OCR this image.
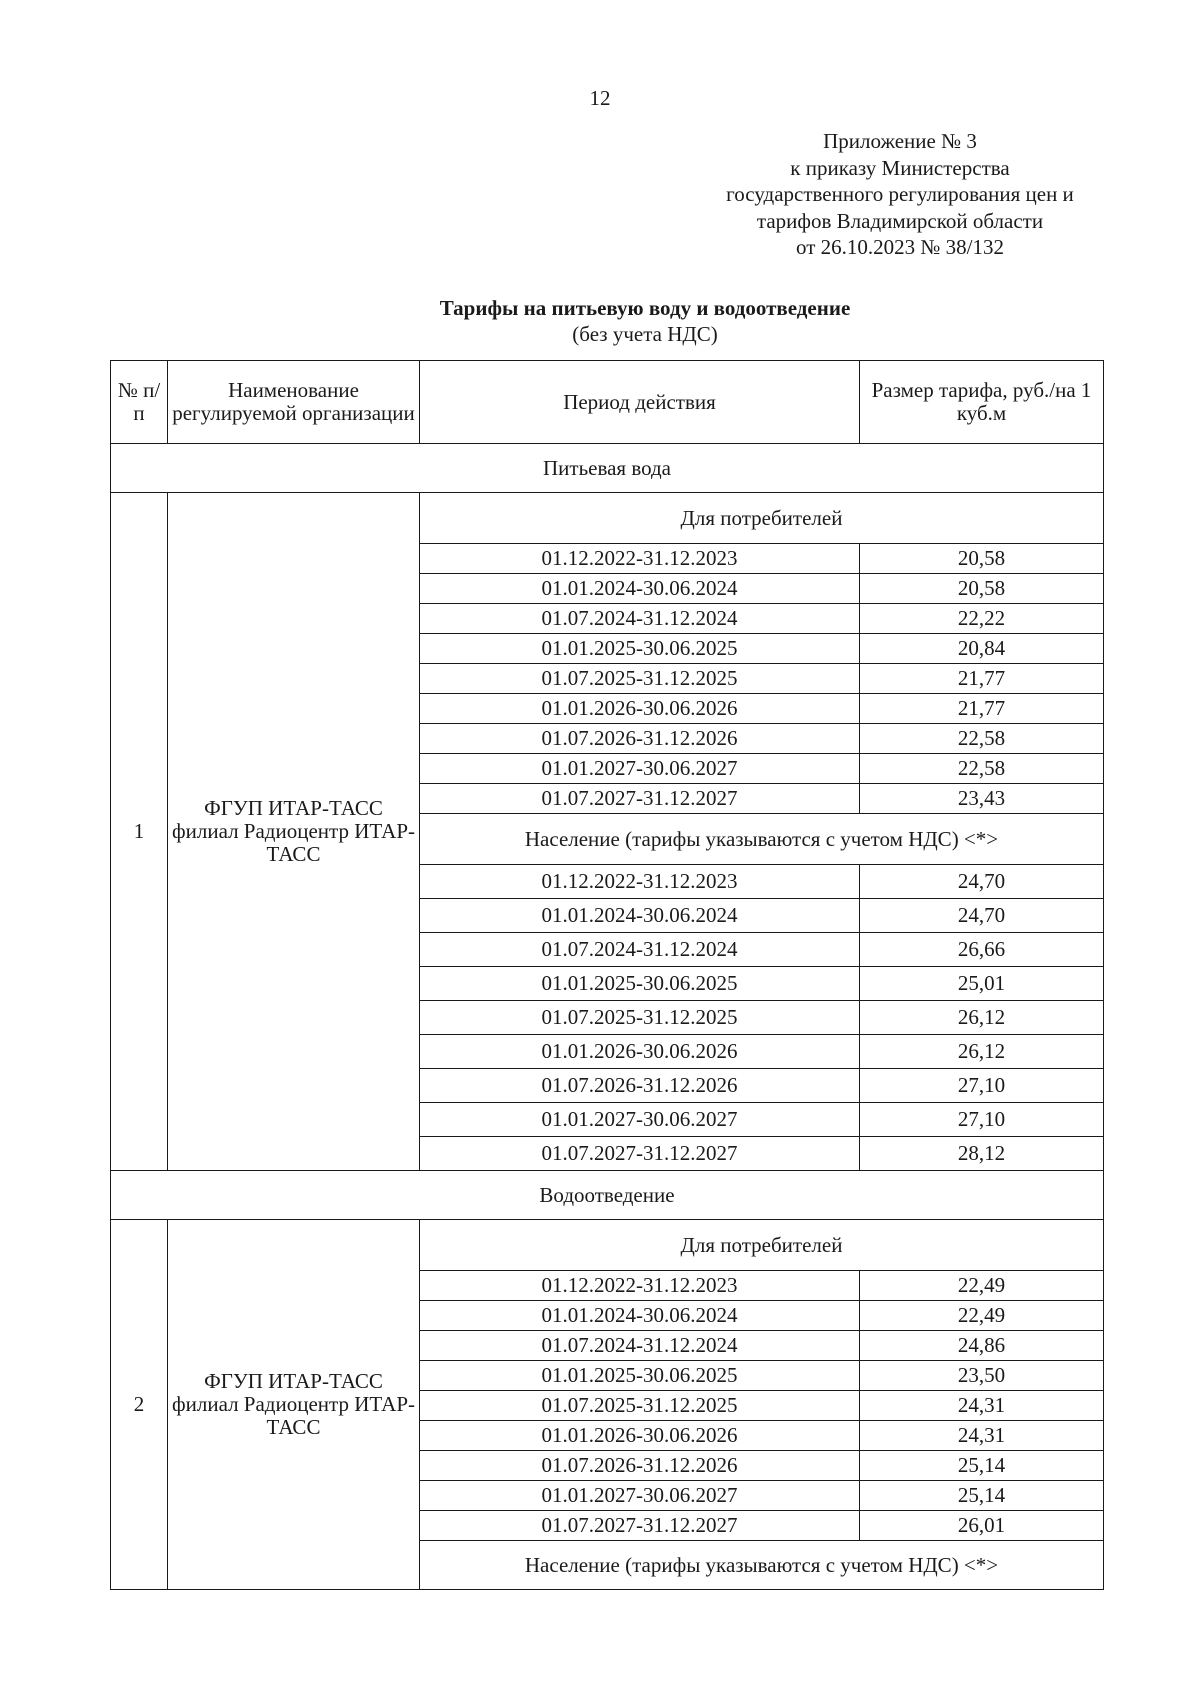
12
Приложение № 3
к приказу Министерства
государственного регулирования цен и
тарифов Владимирской области
от 26.10.2023 № 38/132
Тарифы на питьевую воду и водоотведение
(без учета НДС)
№ п/п	Наименование регулируемой организации	Период действия	Размер тарифа, руб./на 1 куб.м
Питьевая вода			
1	ФГУП ИТАР-ТАСС филиал Радиоцентр ИТАР-ТАСС	Для потребителей	
		01.12.2022-31.12.2023	20,58
		01.01.2024-30.06.2024	20,58
		01.07.2024-31.12.2024	22,22
		01.01.2025-30.06.2025	20,84
		01.07.2025-31.12.2025	21,77
		01.01.2026-30.06.2026	21,77
		01.07.2026-31.12.2026	22,58
		01.01.2027-30.06.2027	22,58
		01.07.2027-31.12.2027	23,43
		Население (тарифы указываются с учетом НДС) <*>	
		01.12.2022-31.12.2023	24,70
		01.01.2024-30.06.2024	24,70
		01.07.2024-31.12.2024	26,66
		01.01.2025-30.06.2025	25,01
		01.07.2025-31.12.2025	26,12
		01.01.2026-30.06.2026	26,12
		01.07.2026-31.12.2026	27,10
		01.01.2027-30.06.2027	27,10
		01.07.2027-31.12.2027	28,12
Водоотведение			
2	ФГУП ИТАР-ТАСС филиал Радиоцентр ИТАР-ТАСС	Для потребителей	
		01.12.2022-31.12.2023	22,49
		01.01.2024-30.06.2024	22,49
		01.07.2024-31.12.2024	24,86
		01.01.2025-30.06.2025	23,50
		01.07.2025-31.12.2025	24,31
		01.01.2026-30.06.2026	24,31
		01.07.2026-31.12.2026	25,14
		01.01.2027-30.06.2027	25,14
		01.07.2027-31.12.2027	26,01
		Население (тарифы указываются с учетом НДС) <*>	
